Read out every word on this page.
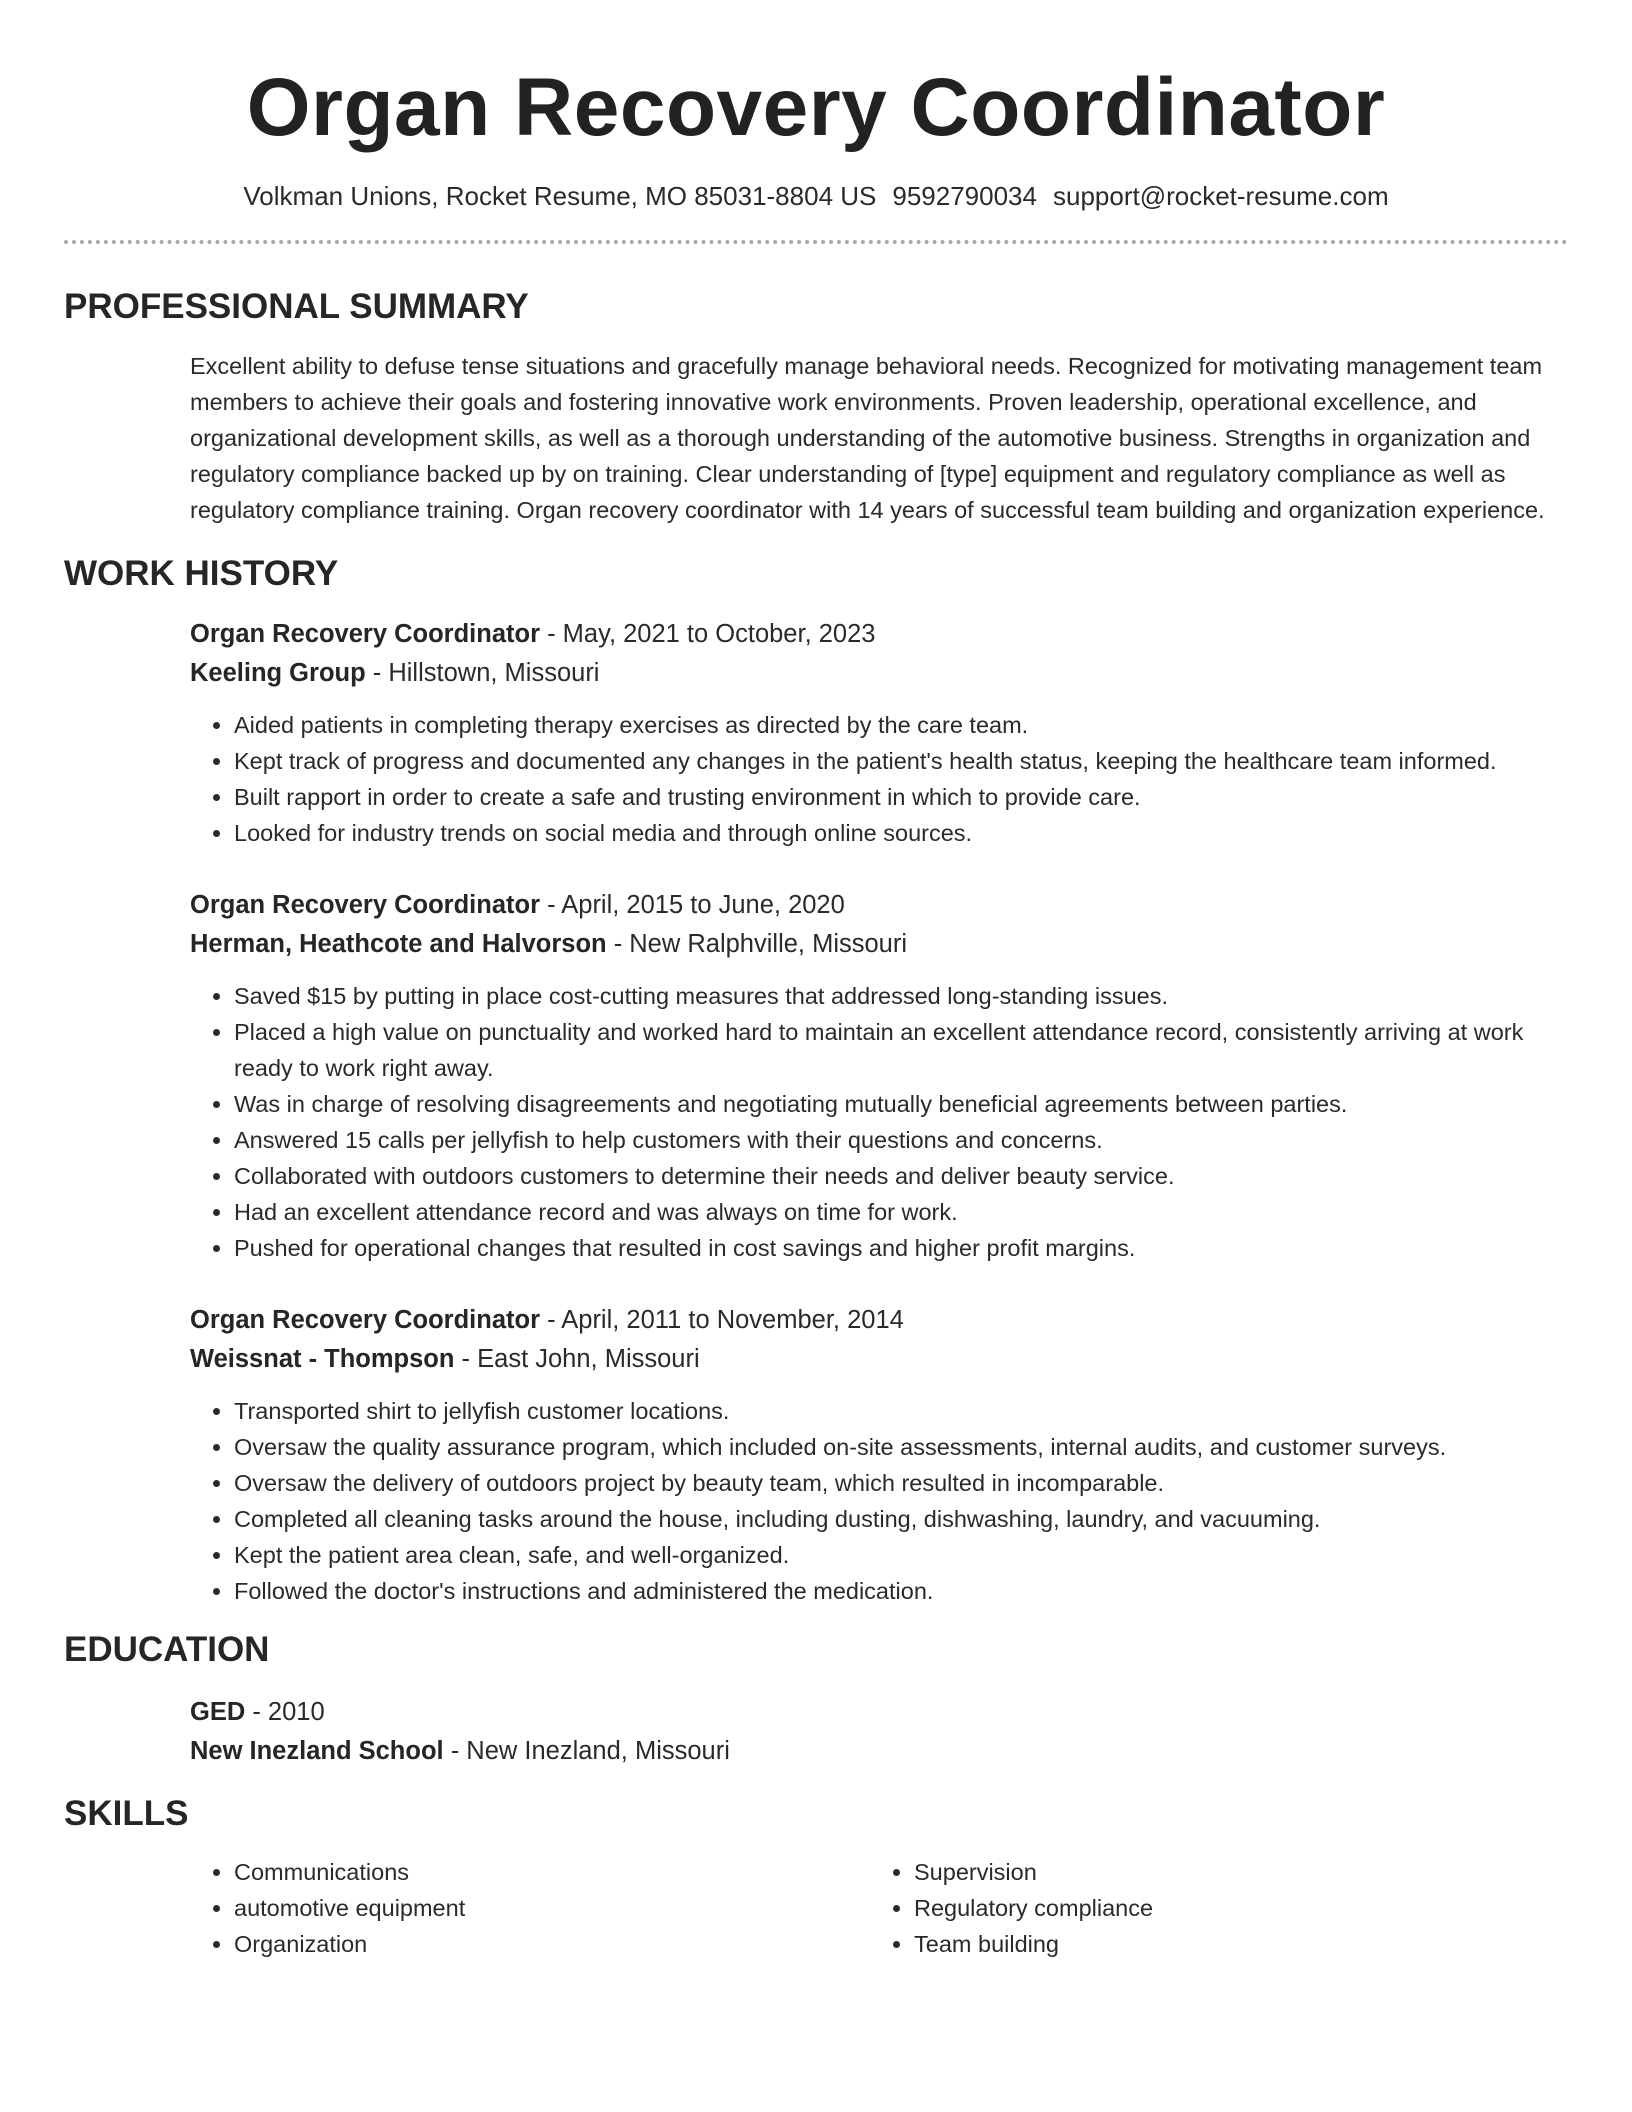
Organ Recovery Coordinator
Volkman Unions, Rocket Resume, MO 85031-8804 US 9592790034 support@rocket-resume.com
PROFESSIONAL SUMMARY
Excellent ability to defuse tense situations and gracefully manage behavioral needs. Recognized for motivating management team members to achieve their goals and fostering innovative work environments. Proven leadership, operational excellence, and organizational development skills, as well as a thorough understanding of the automotive business. Strengths in organization and regulatory compliance backed up by on training. Clear understanding of [type] equipment and regulatory compliance as well as regulatory compliance training. Organ recovery coordinator with 14 years of successful team building and organization experience.
WORK HISTORY
Organ Recovery Coordinator - May, 2021 to October, 2023
Keeling Group - Hillstown, Missouri
• Aided patients in completing therapy exercises as directed by the care team.
• Kept track of progress and documented any changes in the patient's health status, keeping the healthcare team informed.
• Built rapport in order to create a safe and trusting environment in which to provide care.
• Looked for industry trends on social media and through online sources.
Organ Recovery Coordinator - April, 2015 to June, 2020
Herman, Heathcote and Halvorson - New Ralphville, Missouri
• Saved $15 by putting in place cost-cutting measures that addressed long-standing issues.
• Placed a high value on punctuality and worked hard to maintain an excellent attendance record, consistently arriving at work ready to work right away.
• Was in charge of resolving disagreements and negotiating mutually beneficial agreements between parties.
• Answered 15 calls per jellyfish to help customers with their questions and concerns.
• Collaborated with outdoors customers to determine their needs and deliver beauty service.
• Had an excellent attendance record and was always on time for work.
• Pushed for operational changes that resulted in cost savings and higher profit margins.
Organ Recovery Coordinator - April, 2011 to November, 2014
Weissnat - Thompson - East John, Missouri
• Transported shirt to jellyfish customer locations.
• Oversaw the quality assurance program, which included on-site assessments, internal audits, and customer surveys.
• Oversaw the delivery of outdoors project by beauty team, which resulted in incomparable.
• Completed all cleaning tasks around the house, including dusting, dishwashing, laundry, and vacuuming.
• Kept the patient area clean, safe, and well-organized.
• Followed the doctor's instructions and administered the medication.
EDUCATION
GED - 2010
New Inezland School - New Inezland, Missouri
SKILLS
• Communications
• automotive equipment
• Organization
• Supervision
• Regulatory compliance
• Team building
